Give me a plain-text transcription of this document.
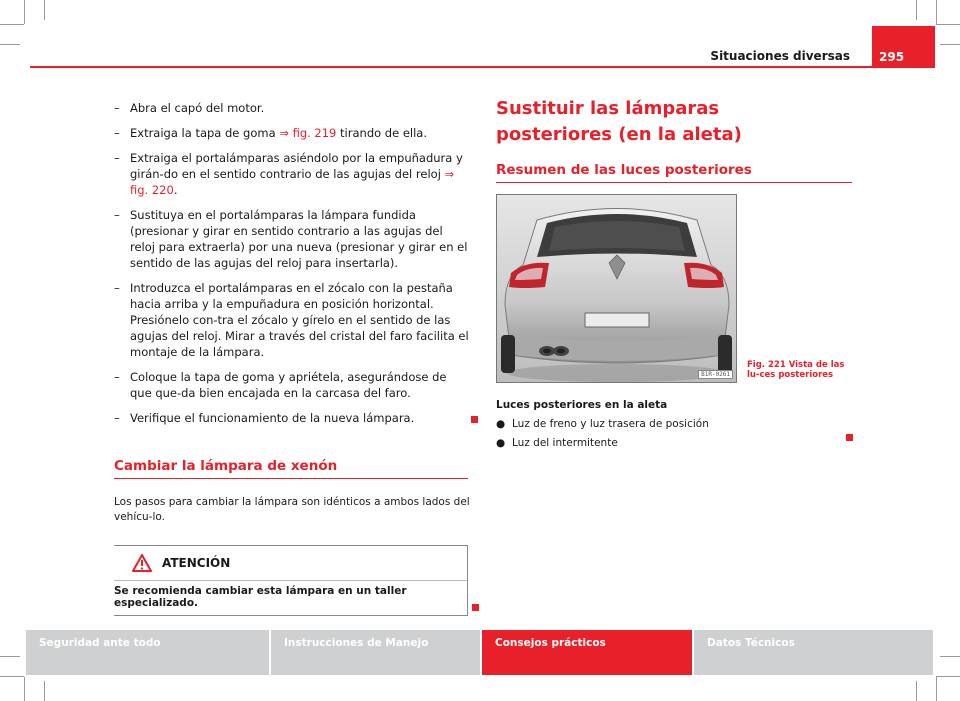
Situaciones diversas	295
– Abra el capó del motor.
– Extraiga la tapa de goma ⇒ fig. 219 tirando de ella.
– Extraiga el portalámparas asiéndolo por la empuñadura y girán-do en el sentido contrario de las agujas del reloj ⇒ fig. 220.
– Sustituya en el portalámparas la lámpara fundida (presionar y girar en sentido contrario a las agujas del reloj para extraerla) por una nueva (presionar y girar en el sentido de las agujas del reloj para insertarla).
– Introduzca el portalámparas en el zócalo con la pestaña hacia arriba y la empuñadura en posición horizontal. Presiónelo con-tra el zócalo y gírelo en el sentido de las agujas del reloj. Mirar a través del cristal del faro facilita el montaje de la lámpara.
– Coloque la tapa de goma y apriétela, asegurándose de que que-da bien encajada en la carcasa del faro.
– Verifique el funcionamiento de la nueva lámpara.
Cambiar la lámpara de xenón
Los pasos para cambiar la lámpara son idénticos a ambos lados del vehícu-lo.
ATENCIÓN
Se recomienda cambiar esta lámpara en un taller especializado.
Sustituir las lámparas posteriores (en la aleta)
Resumen de las luces posteriores
B1R-0261
Fig. 221 Vista de las lu-ces posteriores
Luces posteriores en la aleta
● Luz de freno y luz trasera de posición
● Luz del intermitente
Seguridad ante todo	Instrucciones de Manejo	Consejos prácticos	Datos Técnicos
